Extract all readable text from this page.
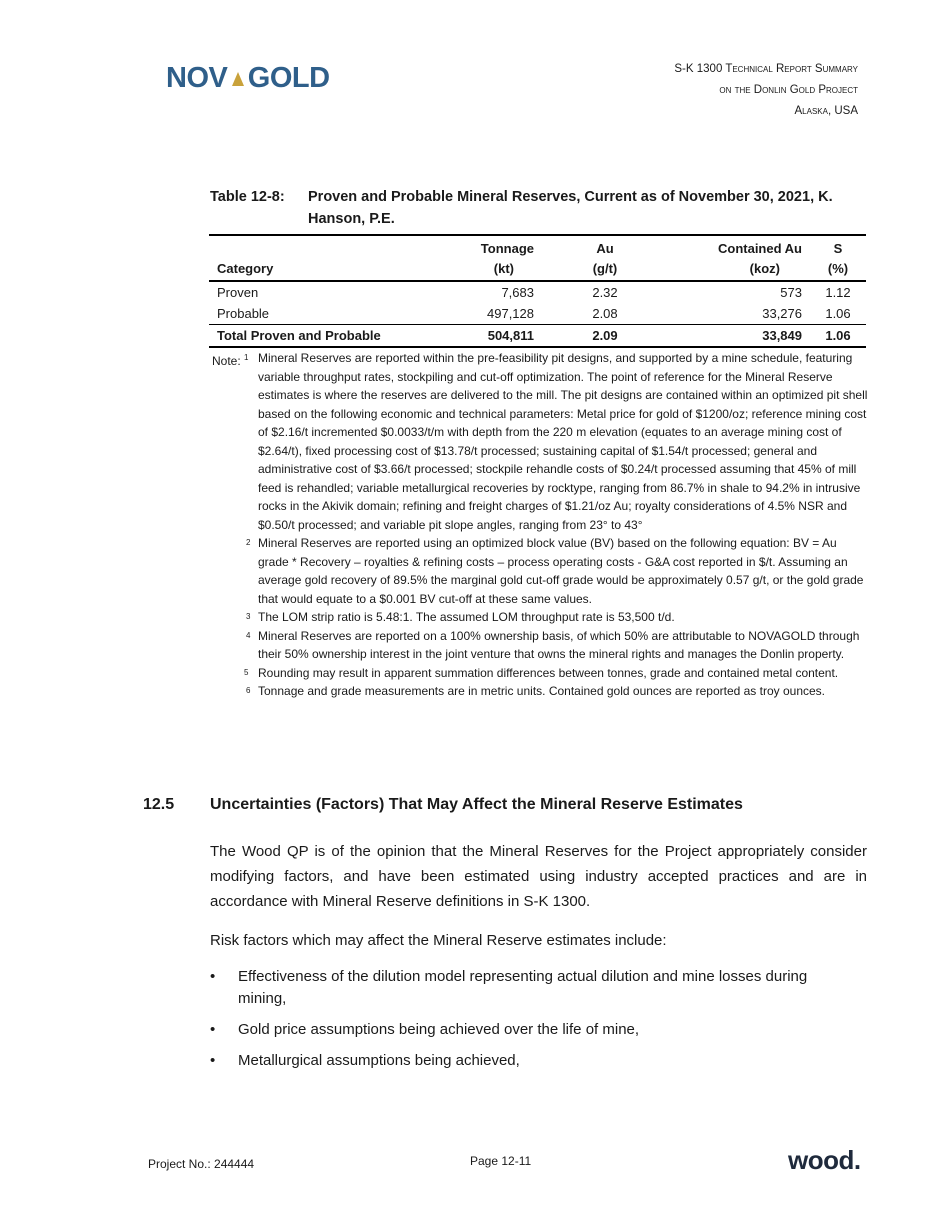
NOV GOLD	S-K 1300 Technical Report Summary
on the Donlin Gold Project
Alaska, USA
Table 12-8: Proven and Probable Mineral Reserves, Current as of November 30, 2021, K. Hanson, P.E.
	Tonnage	Au	Contained Au	S
Category	(kt)	(g/t)	(koz)	(%)
Proven	7,683	2.32	573	1.12
Probable	497,128	2.08	33,276	1.06
Total Proven and Probable	504,811	2.09	33,849	1.06

Note: $^1$ Mineral Reserves are reported within the pre-feasibility pit designs, and supported by a mine schedule, featuring variable throughput rates, stockpiling and cut-off optimization. The point of reference for the Mineral Reserve estimates is where the reserves are delivered to the mill. The pit designs are contained within an optimized pit shell based on the following economic and technical parameters: Metal price for gold of $1200/oz; reference mining cost of $2.16/t incremented $0.0033/t/m with depth from the 220 m elevation (equates to an average mining cost of $2.64/t), fixed processing cost of $13.78/t processed; sustaining capital of $1.54/t processed; general and administrative cost of $3.66/t processed; stockpile rehandle costs of $0.24/t processed assuming that 45% of mill feed is rehandled; variable metallurgical recoveries by rocktype, ranging from 86.7% in shale to 94.2% in intrusive rocks in the Akivik domain; refining and freight charges of $1.21/oz Au; royalty considerations of 4.5% NSR and $0.50/t processed; and variable pit slope angles, ranging from 23° to 43°

$^2$ Mineral Reserves are reported using an optimized block value (BV) based on the following equation: BV = Au grade * Recovery – royalties & refining costs – process operating costs - G&A cost reported in $/t. Assuming an average gold recovery of 89.5% the marginal gold cut-off grade would be approximately 0.57 g/t, or the gold grade that would equate to a $0.001 BV cut-off at these same values.

$^3$ The LOM strip ratio is 5.48:1. The assumed LOM throughput rate is 53,500 t/d.

$^4$ Mineral Reserves are reported on a 100% ownership basis, of which 50% are attributable to NOVAGOLD through their 50% ownership interest in the joint venture that owns the mineral rights and manages the Donlin property.

$^5$ Rounding may result in apparent summation differences between tonnes, grade and contained metal content.

$^6$ Tonnage and grade measurements are in metric units. Contained gold ounces are reported as troy ounces.

12.5 Uncertainties (Factors) That May Affect the Mineral Reserve Estimates

The Wood QP is of the opinion that the Mineral Reserves for the Project appropriately consider modifying factors, and have been estimated using industry accepted practices and are in accordance with Mineral Reserve definitions in S-K 1300.

Risk factors which may affect the Mineral Reserve estimates include:

• Effectiveness of the dilution model representing actual dilution and mine losses during mining,
• Gold price assumptions being achieved over the life of mine,
• Metallurgical assumptions being achieved,
Project No.: 244444	Page 12-11	wood.
